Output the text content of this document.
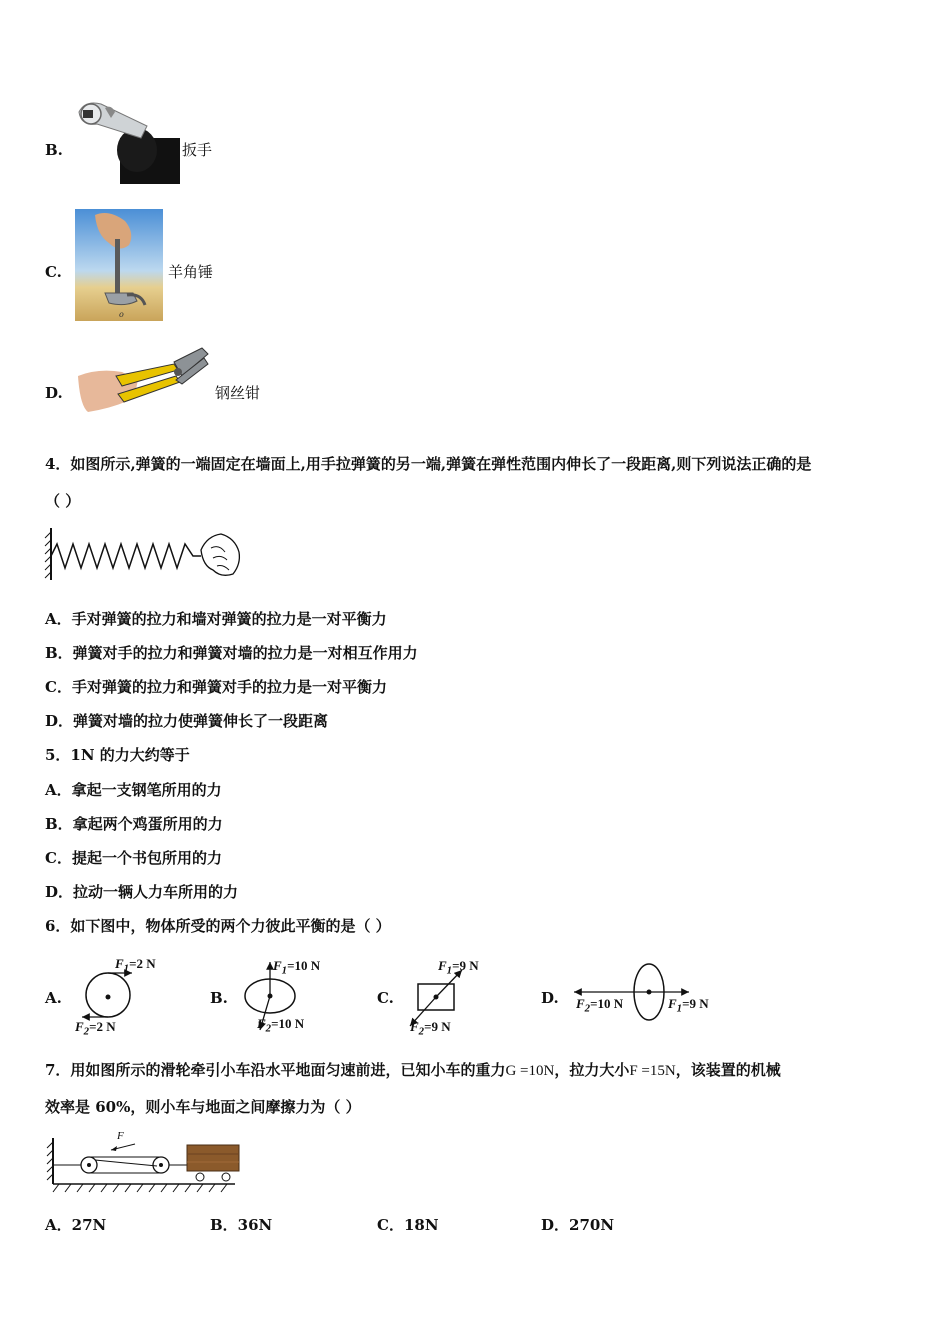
B.	扳手
C.
o
羊角锤
D.	钢丝钳
4．如图所示,弹簧的一端固定在墙面上,用手拉弹簧的另一端,弹簧在弹性范围内伸长了一段距离,则下列说法正确的是
（ ）
A．手对弹簧的拉力和墙对弹簧的拉力是一对平衡力
B．弹簧对手的拉力和弹簧对墙的拉力是一对相互作用力
C．手对弹簧的拉力和弹簧对手的拉力是一对平衡力
D．弹簧对墙的拉力使弹簧伸长了一段距离
5．1N 的力大约等于
A．拿起一支钢笔所用的力
B．拿起两个鸡蛋所用的力
C．提起一个书包所用的力
D．拉动一辆人力车所用的力
6．如下图中，物体所受的两个力彼此平衡的是（ ）
A.
$F_1=2$ N
$F_2=2$ N
B.
$F_1=10$ N
$F_2=10$ N
C.
$F_1=9$ N
$F_2=9$ N
D. $F_2=10$ N	$F_1=9$ N
7．用如图所示的滑轮牵引小车沿水平地面匀速前进，已知小车的重力G =10N，拉力大小F =15N，该装置的机械
效率是 60%，则小车与地面之间摩擦力为（ ）
F
A．27N	B．36N	C．18N	D．270N
